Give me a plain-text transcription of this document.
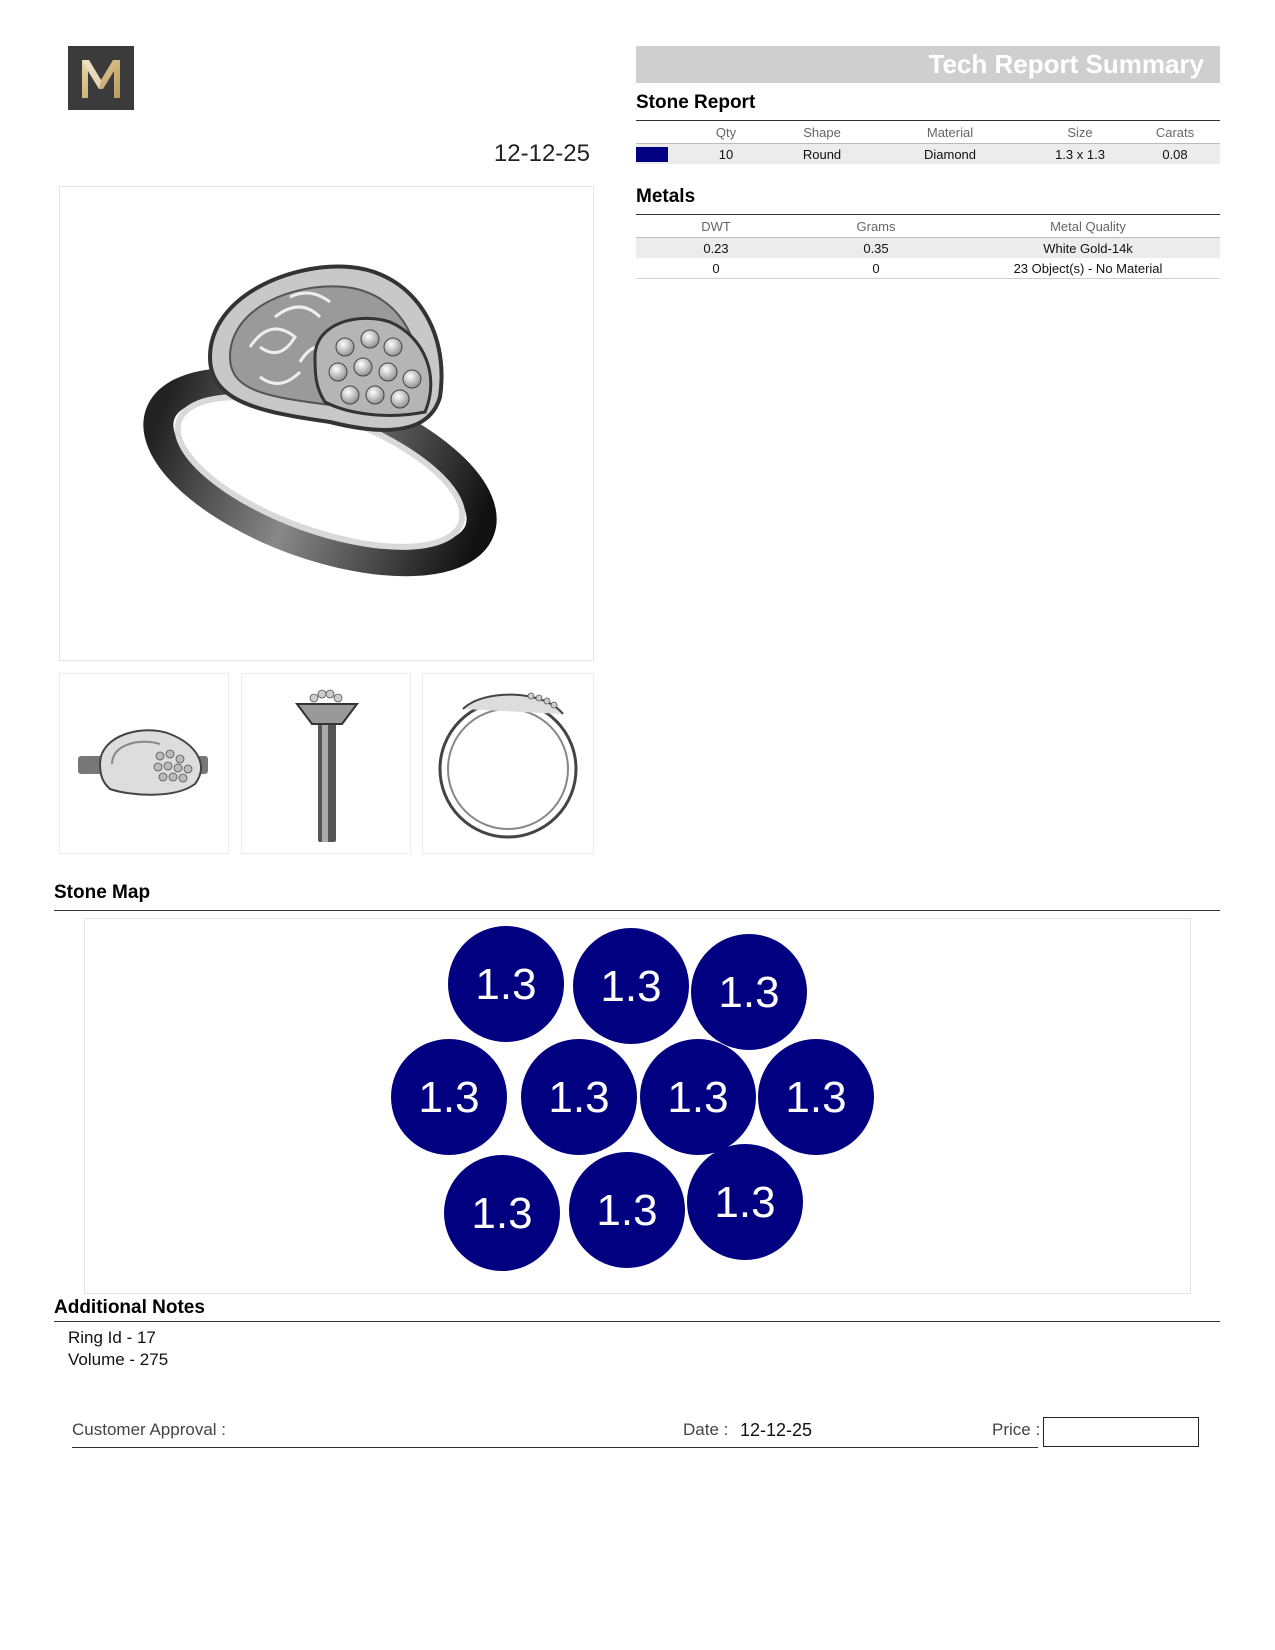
12-12-25
Tech Report Summary
Stone Report
	Qty	Shape	Material	Size	Carats

	10	Round	Diamond	1.3 x 1.3	0.08
Metals
DWT	Grams	Metal Quality
0.23	0.35	White Gold-14k
0	0	23 Object(s) - No Material
Stone Map
1.3 1.3 1.3
1.3 1.3 1.3 1.3
1.3 1.3 1.3
Additional Notes
Ring Id - 17
Volume - 275
Customer Approval :	Date : 12-12-25	Price :
